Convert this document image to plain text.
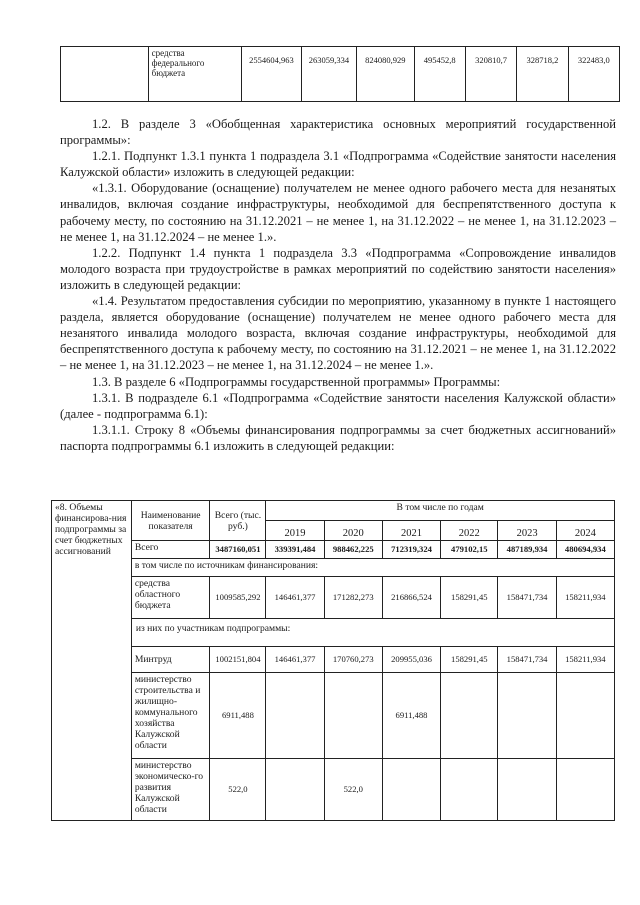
	средства федерального бюджета	2554604,963	263059,334	824080,929	495452,8	320810,7	328718,2	322483,0

1.2. В разделе 3 «Обобщенная характеристика основных мероприятий государственной программы»:

1.2.1. Подпункт 1.3.1 пункта 1 подраздела 3.1 «Подпрограмма «Содействие занятости населения Калужской области» изложить в следующей редакции:

«1.3.1. Оборудование (оснащение) получателем не менее одного рабочего места для незанятых инвалидов, включая создание инфраструктуры, необходимой для беспрепятственного доступа к рабочему месту, по состоянию на 31.12.2021 – не менее 1, на 31.12.2022 – не менее 1, на 31.12.2023 – не менее 1, на 31.12.2024 – не менее 1.».

1.2.2. Подпункт 1.4 пункта 1 подраздела 3.3 «Подпрограмма «Сопровождение инвалидов молодого возраста при трудоустройстве в рамках мероприятий по содействию занятости населения» изложить в следующей редакции:

«1.4. Результатом предоставления субсидии по мероприятию, указанному в пункте 1 настоящего раздела, является оборудование (оснащение) получателем не менее одного рабочего места для незанятого инвалида молодого возраста, включая создание инфраструктуры, необходимой для беспрепятственного доступа к рабочему месту, по состоянию на 31.12.2021 – не менее 1, на 31.12.2022 – не менее 1, на 31.12.2023 – не менее 1, на 31.12.2024 – не менее 1.».

1.3. В разделе 6 «Подпрограммы государственной программы» Программы:

1.3.1. В подразделе 6.1 «Подпрограмма «Содействие занятости населения Калужской области» (далее - подпрограмма 6.1):

1.3.1.1. Строку 8 «Объемы финансирования подпрограммы за счет бюджетных ассигнований» паспорта подпрограммы 6.1 изложить в следующей редакции:

«8. Объемы финансирова-ния подпрограммы за счет бюджетных ассигнований	Наименование показателя	Всего (тыс. руб.)	В том числе по годам					
			2019	2020	2021	2022	2023	2024
	Всего	3487160,051	339391,484	988462,225	712319,324	479102,15	487189,934	480694,934
	в том числе по источникам финансирования:							
	средства областного бюджета	1009585,292	146461,377	171282,273	216866,524	158291,45	158471,734	158211,934
	из них по участникам подпрограммы:							
	Минтруд	1002151,804	146461,377	170760,273	209955,036	158291,45	158471,734	158211,934
	министерство строительства и жилищно-коммунального хозяйства Калужской области	6911,488			6911,488			
	министерство экономическо-го развития Калужской области	522,0		522,0				
